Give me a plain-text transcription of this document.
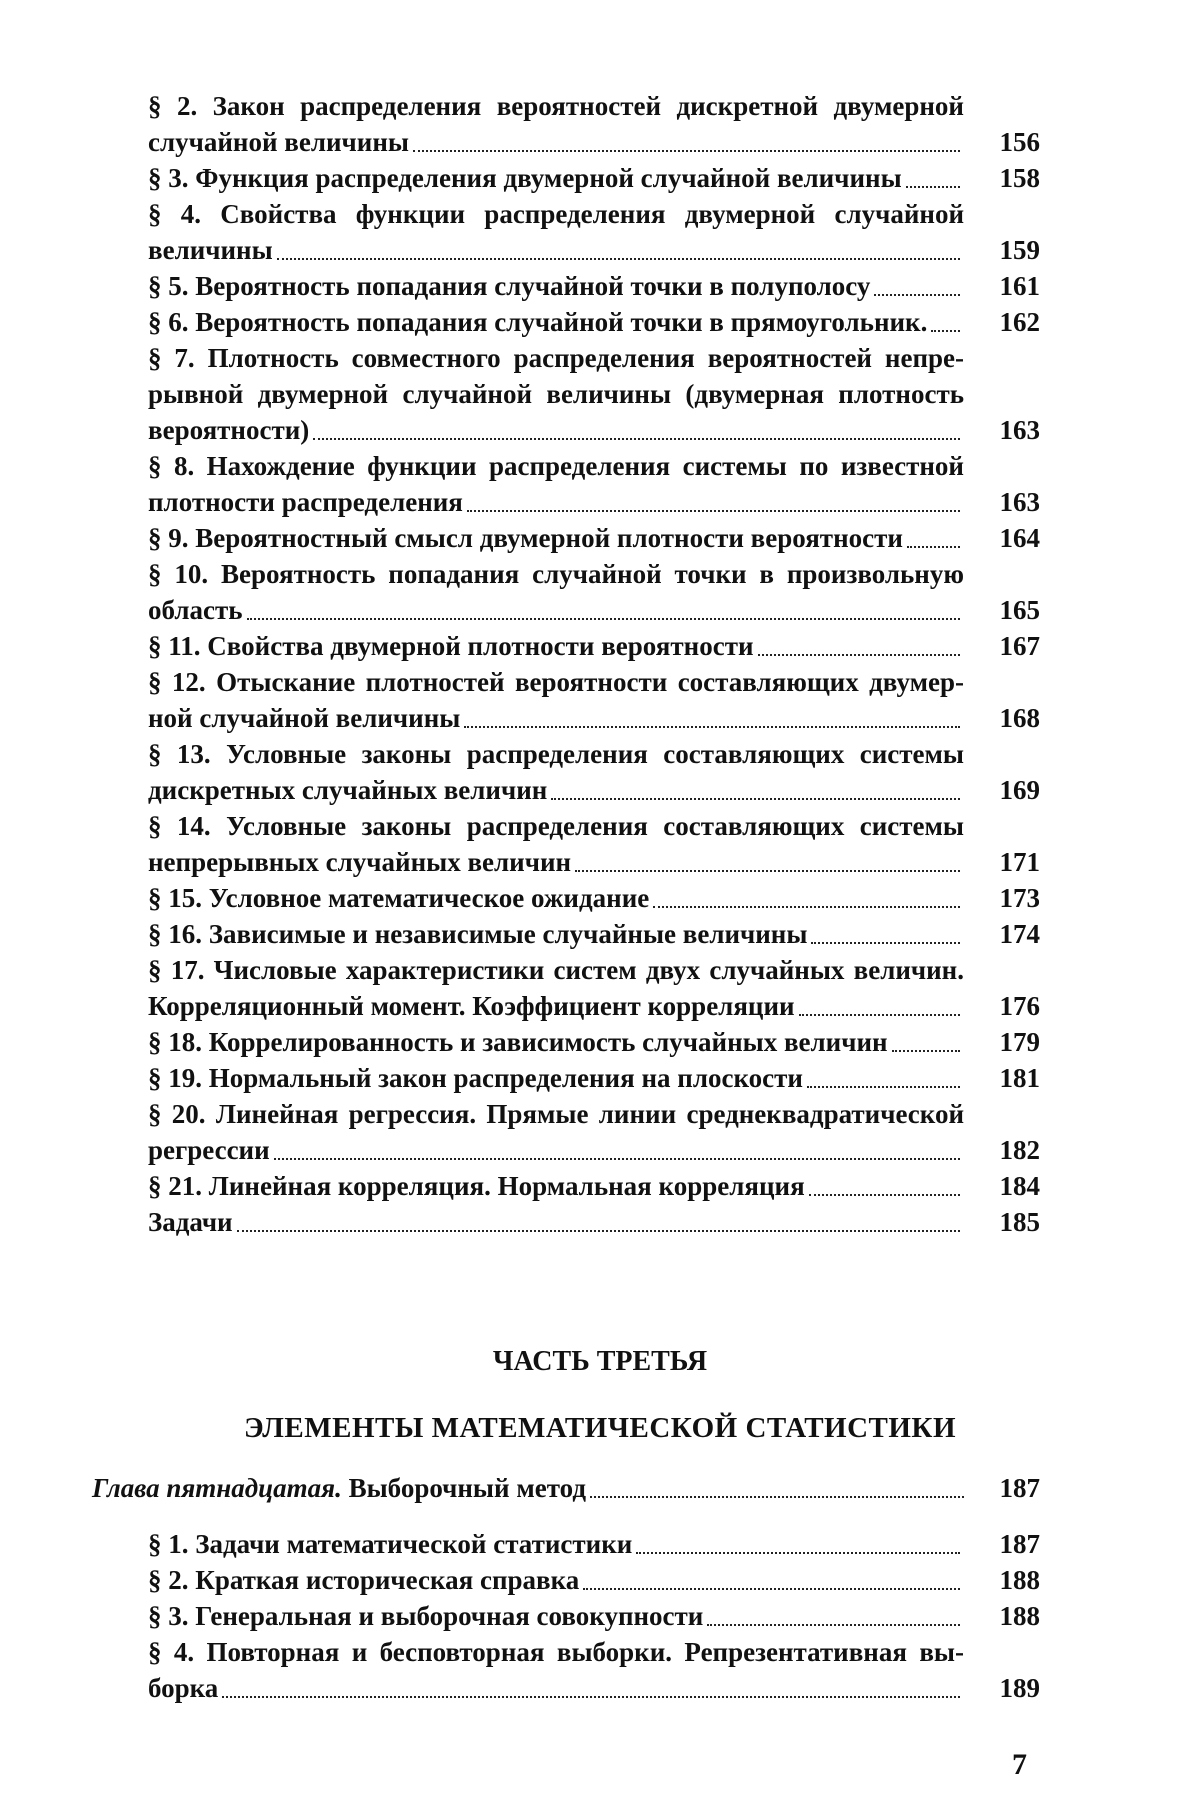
§ 2. Закон распределения вероятностей дискретной двумерной
случайной величины	156
§ 3. Функция распределения двумерной случайной величины	158
§ 4. Свойства функции распределения двумерной случайной
величины	159
§ 5. Вероятность попадания случайной точки в полуполосу	161
§ 6. Вероятность попадания случайной точки в прямоугольник.	162
§ 7. Плотность совместного распределения вероятностей непре-
рывной двумерной случайной величины (двумерная плотность
вероятности)	163
§ 8. Нахождение функции распределения системы по известной
плотности распределения	163
§ 9. Вероятностный смысл двумерной плотности вероятности	164
§ 10. Вероятность попадания случайной точки в произвольную
область	165
§ 11. Свойства двумерной плотности вероятности	167
§ 12. Отыскание плотностей вероятности составляющих двумер-
ной случайной величины	168
§ 13. Условные законы распределения составляющих системы
дискретных случайных величин	169
§ 14. Условные законы распределения составляющих системы
непрерывных случайных величин	171
§ 15. Условное математическое ожидание	173
§ 16. Зависимые и независимые случайные величины	174
§ 17. Числовые характеристики систем двух случайных величин.
Корреляционный момент. Коэффициент корреляции	176
§ 18. Коррелированность и зависимость случайных величин	179
§ 19. Нормальный закон распределения на плоскости	181
§ 20. Линейная регрессия. Прямые линии среднеквадратической
регрессии	182
§ 21. Линейная корреляция. Нормальная корреляция	184
Задачи	185
ЧАСТЬ ТРЕТЬЯ
ЭЛЕМЕНТЫ МАТЕМАТИЧЕСКОЙ СТАТИСТИКИ
Глава пятнадцатая. Выборочный метод	187
§ 1. Задачи математической статистики	187
§ 2. Краткая историческая справка	188
§ 3. Генеральная и выборочная совокупности	188
§ 4. Повторная и бесповторная выборки. Репрезентативная вы-
борка	189
7
